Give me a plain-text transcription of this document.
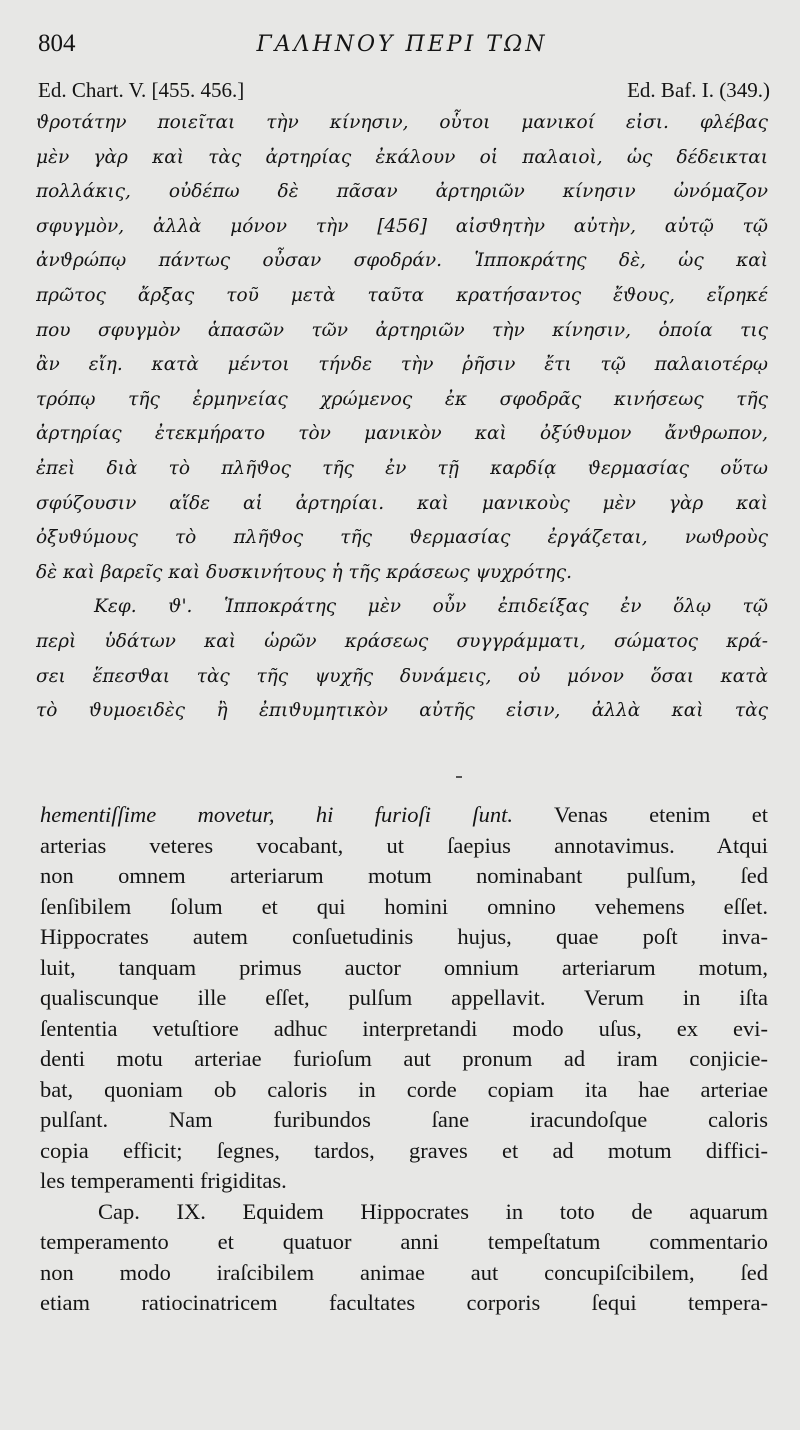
804	ΓΑΛΗΝΟΥ ΠΕΡΙ ΤΩΝ
Ed. Chart. V. [455. 456.]	Ed. Baf. I. (349.)
ϑροτάτην ποιεῖται τὴν κίνησιν, οὗτοι μανικοί εἰσι. φλέβας
μὲν γὰρ καὶ τὰς ἀρτηρίας ἐκάλουν οἱ παλαιοὶ, ὡς δέδεικται
πολλάκις, οὐδέπω δὲ πᾶσαν ἀρτηριῶν κίνησιν ὠνόμαζον
σφυγμὸν, ἀλλὰ μόνον τὴν [456] αἰσϑητὴν αὐτὴν, αὐτῷ τῷ
ἀνϑρώπῳ πάντως οὖσαν σφοδράν. Ἱπποκράτης δὲ, ὡς καὶ
πρῶτος ἄρξας τοῦ μετὰ ταῦτα κρατήσαντος ἔϑους, εἴρηκέ
που σφυγμὸν ἁπασῶν τῶν ἀρτηριῶν τὴν κίνησιν, ὁποία τις
ἂν εἴη. κατὰ μέντοι τήνδε τὴν ῥῆσιν ἔτι τῷ παλαιοτέρῳ
τρόπῳ τῆς ἑρμηνείας χρώμενος ἐκ σφοδρᾶς κινήσεως τῆς
ἀρτηρίας ἐτεκμήρατο τὸν μανικὸν καὶ ὀξύϑυμον ἄνϑρωπον,
ἐπεὶ διὰ τὸ πλῆϑος τῆς ἐν τῇ καρδίᾳ ϑερμασίας οὕτω
σφύζουσιν αἵδε αἱ ἀρτηρίαι. καὶ μανικοὺς μὲν γὰρ καὶ
ὀξυϑύμους τὸ πλῆϑος τῆς ϑερμασίας ἐργάζεται, νωϑροὺς
δὲ καὶ βαρεῖς καὶ δυσκινήτους ἡ τῆς κράσεως ψυχρότης.
Κεφ. ϑ'. Ἱπποκράτης μὲν οὖν ἐπιδείξας ἐν ὅλῳ τῷ
περὶ ὑδάτων καὶ ὡρῶν κράσεως συγγράμματι, σώματος κρά-
σει ἕπεσϑαι τὰς τῆς ψυχῆς δυνάμεις, οὐ μόνον ὅσαι κατὰ
τὸ ϑυμοειδὲς ἢ ἐπιϑυμητικὸν αὐτῆς εἰσιν, ἀλλὰ καὶ τὰς
hementiſſime movetur, hi furioſi ſunt. Venas etenim et
arterias veteres vocabant, ut ſaepius annotavimus. Atqui
non omnem arteriarum motum nominabant pulſum, ſed
ſenſibilem ſolum et qui homini omnino vehemens eſſet.
Hippocrates autem conſuetudinis hujus, quae poſt inva-
luit, tanquam primus auctor omnium arteriarum motum,
qualiscunque ille eſſet, pulſum appellavit. Verum in iſta
ſententia vetuſtiore adhuc interpretandi modo uſus, ex evi-
denti motu arteriae furioſum aut pronum ad iram conjicie-
bat, quoniam ob caloris in corde copiam ita hae arteriae
pulſant. Nam furibundos ſane iracundoſque caloris
copia efficit; ſegnes, tardos, graves et ad motum diffici-
les temperamenti frigiditas.
Cap. IX. Equidem Hippocrates in toto de aquarum
temperamento et quatuor anni tempeſtatum commentario
non modo iraſcibilem animae aut concupiſcibilem, ſed
etiam ratiocinatricem facultates corporis ſequi tempera-
